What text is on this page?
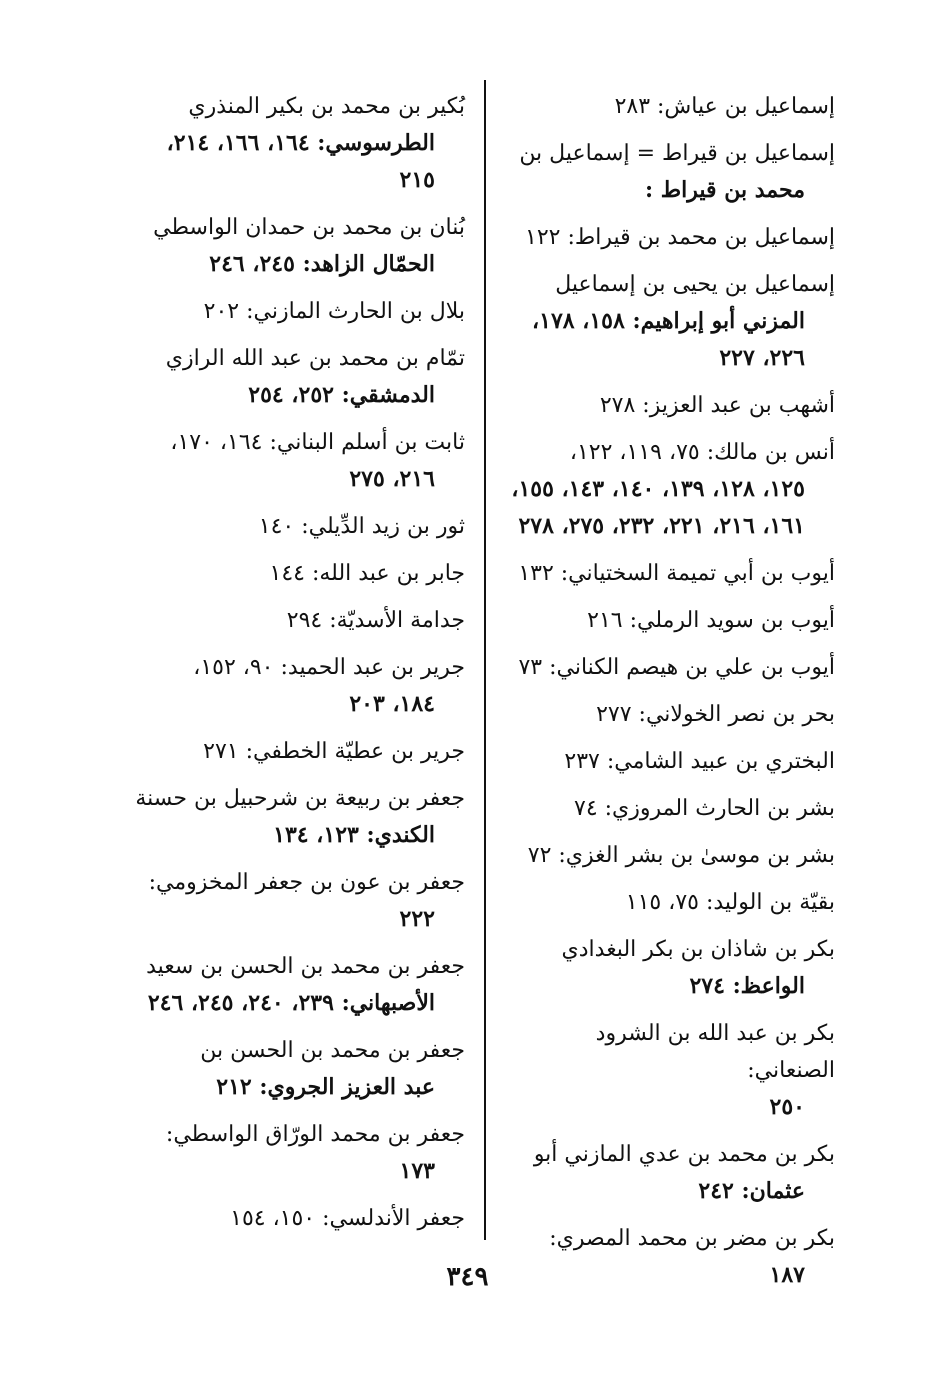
إسماعيل بن عياش: ٢٨٣
إسماعيل بن قيراط = إسماعيل بن
محمد بن قيراط :
إسماعيل بن محمد بن قيراط: ١٢٢
إسماعيل بن يحيى بن إسماعيل
المزني أبو إبراهيم: ١٥٨، ١٧٨، ٢٢٦، ٢٢٧
أشهب بن عبد العزيز: ٢٧٨
أنس بن مالك: ٧٥، ١١٩، ١٢٢،
١٢٥، ١٢٨، ١٣٩، ١٤٠، ١٤٣، ١٥٥، ١٦١، ٢١٦، ٢٢١، ٢٣٢، ٢٧٥، ٢٧٨
أيوب بن أبي تميمة السختياني: ١٣٢
أيوب بن سويد الرملي: ٢١٦
أيوب بن علي بن هيصم الكناني: ٧٣
بحر بن نصر الخولاني: ٢٧٧
البختري بن عبيد الشامي: ٢٣٧
بشر بن الحارث المروزي: ٧٤
بشر بن موسىٰ بن بشر الغزي: ٧٢
بقيّة بن الوليد: ٧٥، ١١٥
بكر بن شاذان بن بكر البغدادي
الواعظ: ٢٧٤
بكر بن عبد الله بن الشرود الصنعاني:
٢٥٠
بكر بن محمد بن عدي المازني أبو
عثمان: ٢٤٢
بكر بن مضر بن محمد المصري:
١٨٧
بُكير بن محمد بن بكير المنذري
الطرسوسي: ١٦٤، ١٦٦، ٢١٤، ٢١٥
بُنان بن محمد بن حمدان الواسطي
الحمّال الزاهد: ٢٤٥، ٢٤٦
بلال بن الحارث المازني: ٢٠٢
تمّام بن محمد بن عبد الله الرازي
الدمشقي: ٢٥٢، ٢٥٤
ثابت بن أسلم البناني: ١٦٤، ١٧٠،
٢١٦، ٢٧٥
ثور بن زيد الدِّيلي: ١٤٠
جابر بن عبد الله: ١٤٤
جدامة الأسديّة: ٢٩٤
جرير بن عبد الحميد: ٩٠، ١٥٢،
١٨٤، ٢٠٣
جرير بن عطيّة الخطفي: ٢٧١
جعفر بن ربيعة بن شرحبيل بن حسنة
الكندي: ١٢٣، ١٣٤
جعفر بن عون بن جعفر المخزومي:
٢٢٢
جعفر بن محمد بن الحسن بن سعيد
الأصبهاني: ٢٣٩، ٢٤٠، ٢٤٥، ٢٤٦
جعفر بن محمد بن الحسن بن
عبد العزيز الجروي: ٢١٢
جعفر بن محمد الورّاق الواسطي:
١٧٣
جعفر الأندلسي: ١٥٠، ١٥٤
٣٤٩
